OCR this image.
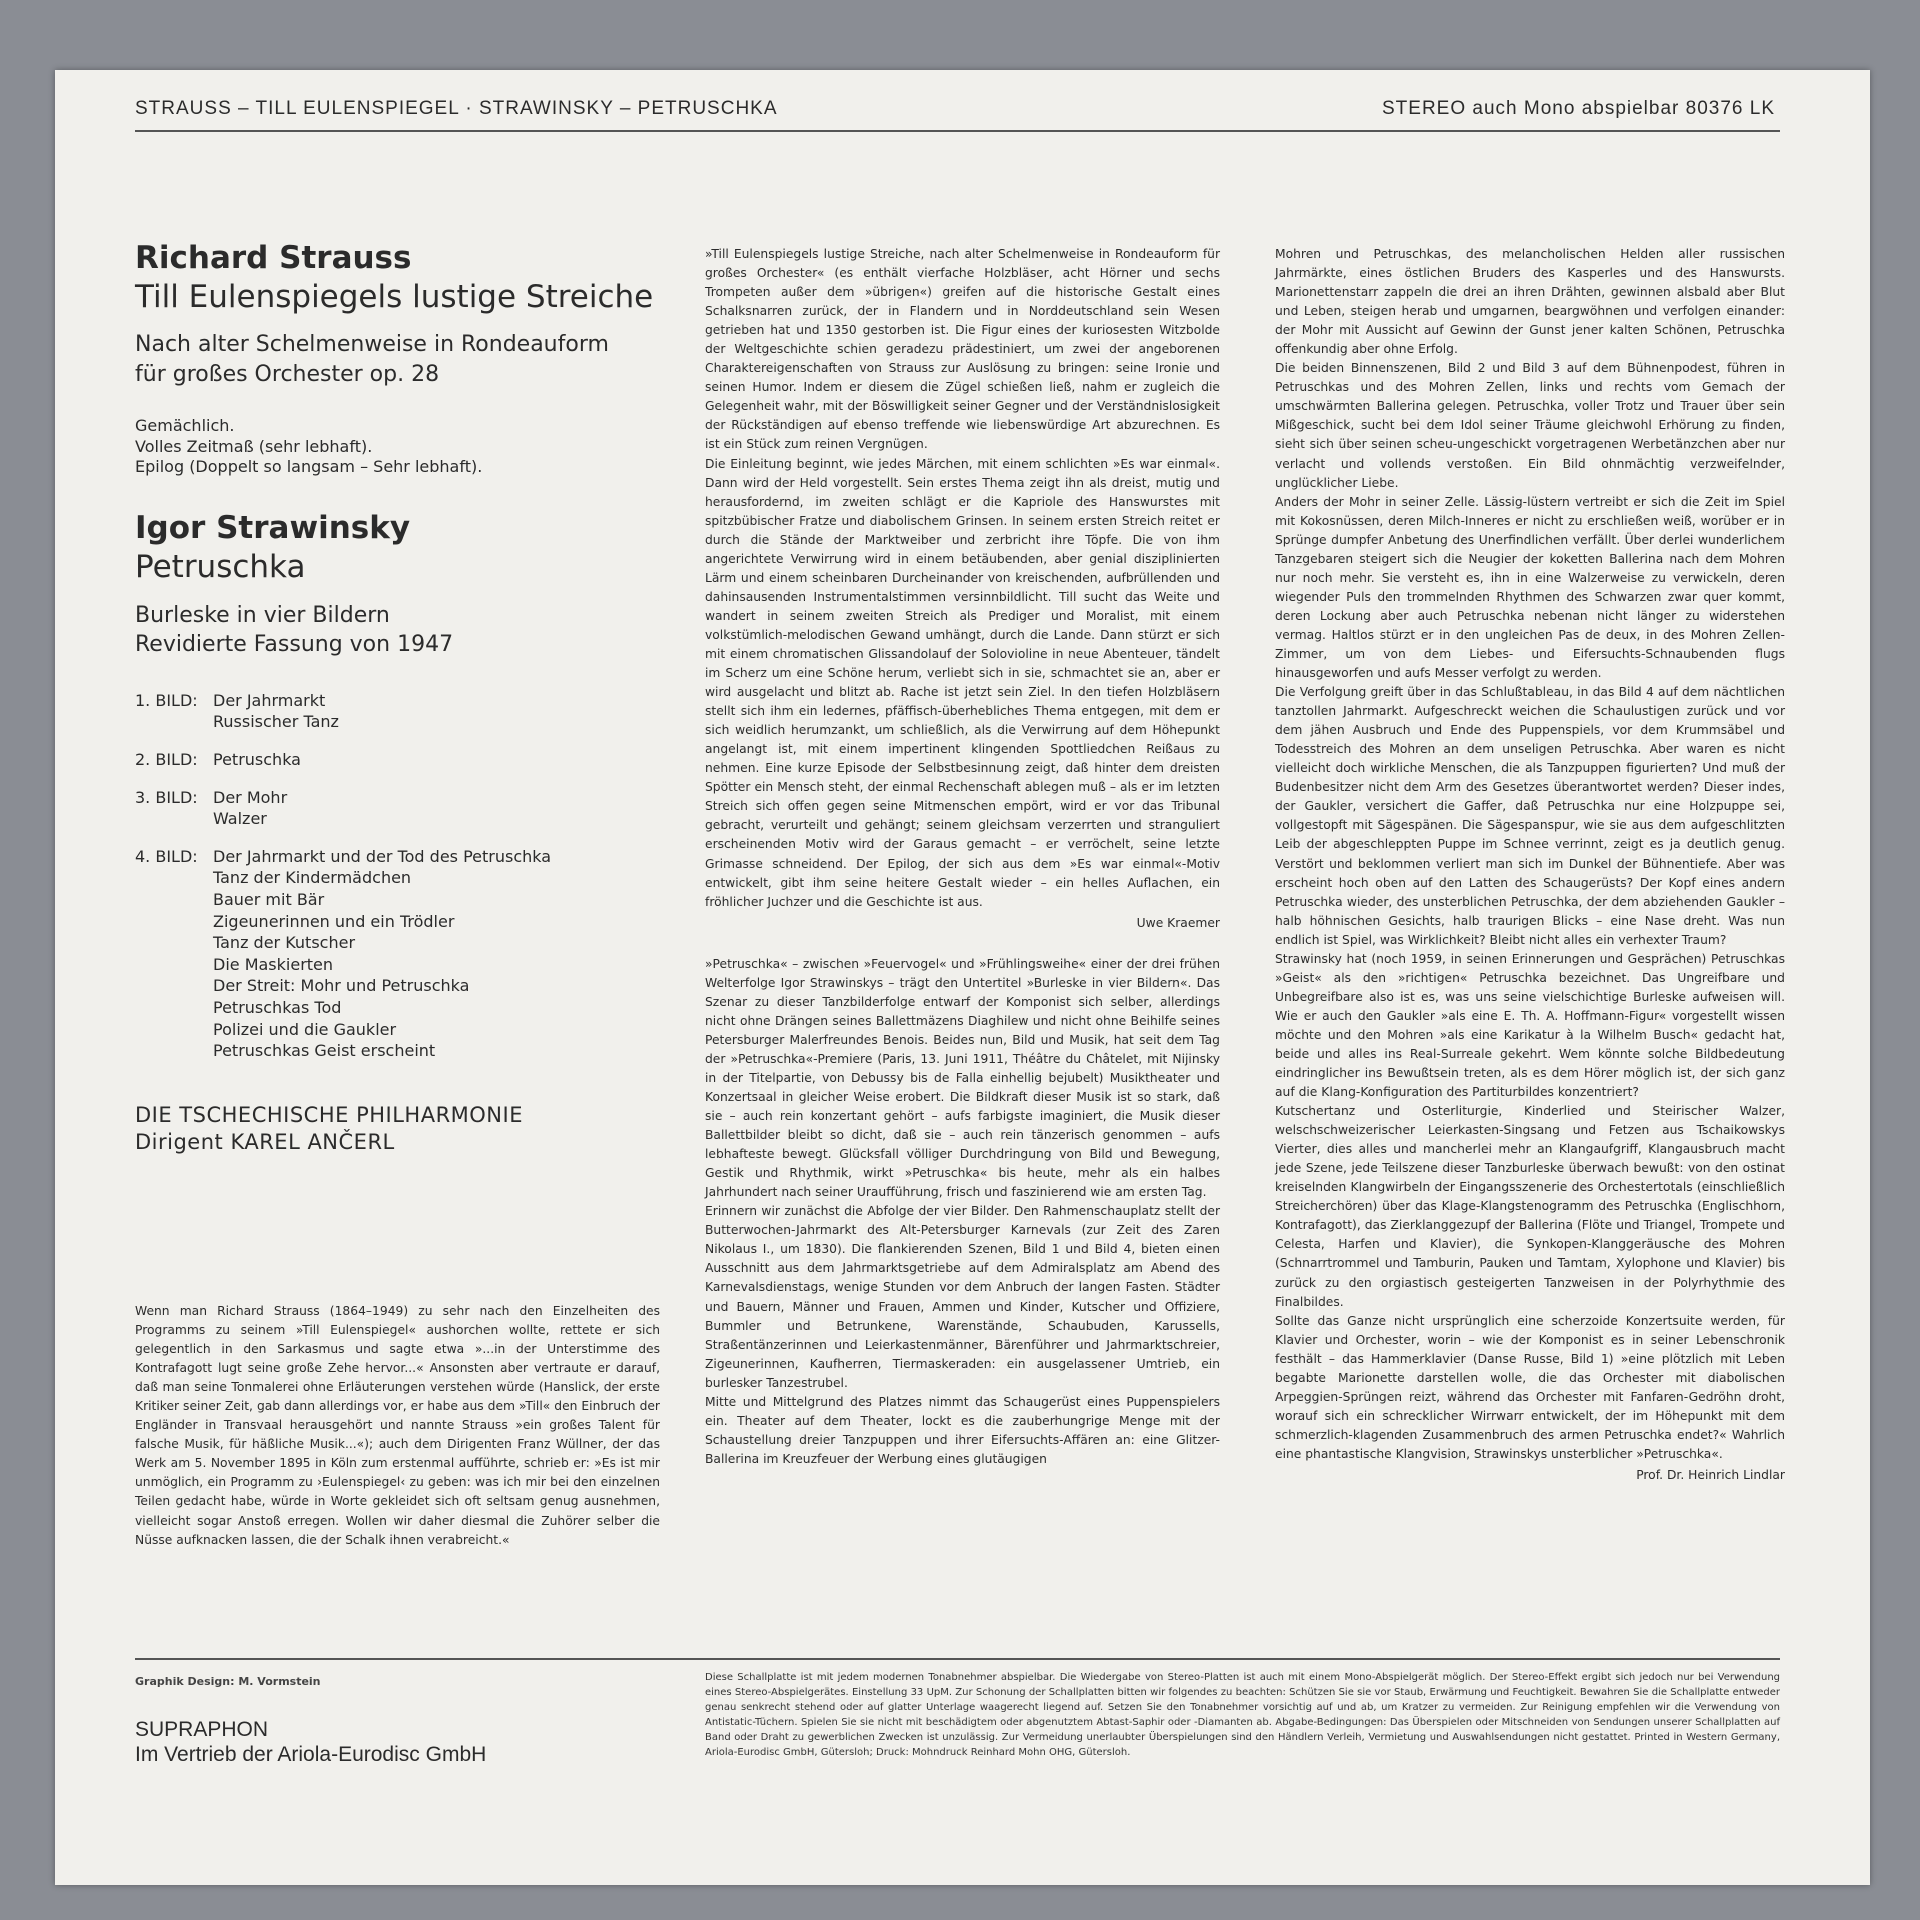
STRAUSS – TILL EULENSPIEGEL · STRAWINSKY – PETRUSCHKA	STEREO auch Mono abspielbar 80376 LK

Richard Strauss

Till Eulenspiegels lustige Streiche

Nach alter Schelmenweise in Rondeauform
für großes Orchester op. 28
Gemächlich.
Volles Zeitmaß (sehr lebhaft).
Epilog (Doppelt so langsam – Sehr lebhaft).

Igor Strawinsky

Petruschka

Burleske in vier Bildern
Revidierte Fassung von 1947
1. BILD: Der Jahrmarkt
Russischer Tanz
2. BILD: Petruschka
3. BILD: Der Mohr
Walzer
4. BILD: Der Jahrmarkt und der Tod des Petruschka
Tanz der Kindermädchen
Bauer mit Bär
Zigeunerinnen und ein Trödler
Tanz der Kutscher
Die Maskierten
Der Streit: Mohr und Petruschka
Petruschkas Tod
Polizei und die Gaukler
Petruschkas Geist erscheint
DIE TSCHECHISCHE PHILHARMONIE
Dirigent KAREL ANČERL
Wenn man Richard Strauss (1864–1949) zu sehr nach den Einzelheiten des Programms zu seinem »Till Eulenspiegel« aushorchen wollte, rettete er sich gelegentlich in den Sarkasmus und sagte etwa »...in der Unterstimme des Kontrafagott lugt seine große Zehe hervor...« Ansonsten aber vertraute er darauf, daß man seine Tonmalerei ohne Erläuterungen verstehen würde (Hanslick, der erste Kritiker seiner Zeit, gab dann allerdings vor, er habe aus dem »Till« den Einbruch der Engländer in Transvaal herausgehört und nannte Strauss »ein großes Talent für falsche Musik, für häßliche Musik...«); auch dem Dirigenten Franz Wüllner, der das Werk am 5. November 1895 in Köln zum erstenmal aufführte, schrieb er: »Es ist mir unmöglich, ein Programm zu ›Eulenspiegel‹ zu geben: was ich mir bei den einzelnen Teilen gedacht habe, würde in Worte gekleidet sich oft seltsam genug ausnehmen, vielleicht sogar Anstoß erregen. Wollen wir daher diesmal die Zuhörer selber die Nüsse aufknacken lassen, die der Schalk ihnen verabreicht.«

»Till Eulenspiegels lustige Streiche, nach alter Schelmenweise in Rondeauform für großes Orchester« (es enthält vierfache Holzbläser, acht Hörner und sechs Trompeten außer dem »übrigen«) greifen auf die historische Gestalt eines Schalksnarren zurück, der in Flandern und in Norddeutschland sein Wesen getrieben hat und 1350 gestorben ist. Die Figur eines der kuriosesten Witzbolde der Weltgeschichte schien geradezu prädestiniert, um zwei der angeborenen Charaktereigenschaften von Strauss zur Auslösung zu bringen: seine Ironie und seinen Humor. Indem er diesem die Zügel schießen ließ, nahm er zugleich die Gelegenheit wahr, mit der Böswilligkeit seiner Gegner und der Verständnislosigkeit der Rückständigen auf ebenso treffende wie liebenswürdige Art abzurechnen. Es ist ein Stück zum reinen Vergnügen.

Die Einleitung beginnt, wie jedes Märchen, mit einem schlichten »Es war einmal«. Dann wird der Held vorgestellt. Sein erstes Thema zeigt ihn als dreist, mutig und herausfordernd, im zweiten schlägt er die Kapriole des Hanswurstes mit spitzbübischer Fratze und diabolischem Grinsen. In seinem ersten Streich reitet er durch die Stände der Marktweiber und zerbricht ihre Töpfe. Die von ihm angerichtete Verwirrung wird in einem betäubenden, aber genial disziplinierten Lärm und einem scheinbaren Durcheinander von kreischenden, aufbrüllenden und dahinsausenden Instrumentalstimmen versinnbildlicht. Till sucht das Weite und wandert in seinem zweiten Streich als Prediger und Moralist, mit einem volkstümlich-melodischen Gewand umhängt, durch die Lande. Dann stürzt er sich mit einem chromatischen Glissandolauf der Solovioline in neue Abenteuer, tändelt im Scherz um eine Schöne herum, verliebt sich in sie, schmachtet sie an, aber er wird ausgelacht und blitzt ab. Rache ist jetzt sein Ziel. In den tiefen Holzbläsern stellt sich ihm ein ledernes, pfäffisch-überhebliches Thema entgegen, mit dem er sich weidlich herumzankt, um schließlich, als die Verwirrung auf dem Höhepunkt angelangt ist, mit einem impertinent klingenden Spottliedchen Reißaus zu nehmen. Eine kurze Episode der Selbstbesinnung zeigt, daß hinter dem dreisten Spötter ein Mensch steht, der einmal Rechenschaft ablegen muß – als er im letzten Streich sich offen gegen seine Mitmenschen empört, wird er vor das Tribunal gebracht, verurteilt und gehängt; seinem gleichsam verzerrten und stranguliert erscheinenden Motiv wird der Garaus gemacht – er verröchelt, seine letzte Grimasse schneidend. Der Epilog, der sich aus dem »Es war einmal«-Motiv entwickelt, gibt ihm seine heitere Gestalt wieder – ein helles Auflachen, ein fröhlicher Juchzer und die Geschichte ist aus.

Uwe Kraemer

»Petruschka« – zwischen »Feuervogel« und »Frühlingsweihe« einer der drei frühen Welterfolge Igor Strawinskys – trägt den Untertitel »Burleske in vier Bildern«. Das Szenar zu dieser Tanzbilderfolge entwarf der Komponist sich selber, allerdings nicht ohne Drängen seines Ballettmäzens Diaghilew und nicht ohne Beihilfe seines Petersburger Malerfreundes Benois. Beides nun, Bild und Musik, hat seit dem Tag der »Petruschka«-Premiere (Paris, 13. Juni 1911, Théâtre du Châtelet, mit Nijinsky in der Titelpartie, von Debussy bis de Falla einhellig bejubelt) Musiktheater und Konzertsaal in gleicher Weise erobert. Die Bildkraft dieser Musik ist so stark, daß sie – auch rein konzertant gehört – aufs farbigste imaginiert, die Musik dieser Ballettbilder bleibt so dicht, daß sie – auch rein tänzerisch genommen – aufs lebhafteste bewegt. Glücksfall völliger Durchdringung von Bild und Bewegung, Gestik und Rhythmik, wirkt »Petruschka« bis heute, mehr als ein halbes Jahrhundert nach seiner Uraufführung, frisch und faszinierend wie am ersten Tag.

Erinnern wir zunächst die Abfolge der vier Bilder. Den Rahmenschauplatz stellt der Butterwochen-Jahrmarkt des Alt-Petersburger Karnevals (zur Zeit des Zaren Nikolaus I., um 1830). Die flankierenden Szenen, Bild 1 und Bild 4, bieten einen Ausschnitt aus dem Jahrmarktsgetriebe auf dem Admiralsplatz am Abend des Karnevalsdienstags, wenige Stunden vor dem Anbruch der langen Fasten. Städter und Bauern, Männer und Frauen, Ammen und Kinder, Kutscher und Offiziere, Bummler und Betrunkene, Warenstände, Schaubuden, Karussells, Straßentänzerinnen und Leierkastenmänner, Bärenführer und Jahrmarktschreier, Zigeunerinnen, Kaufherren, Tiermaskeraden: ein ausgelassener Umtrieb, ein burlesker Tanzestrubel.

Mitte und Mittelgrund des Platzes nimmt das Schaugerüst eines Puppenspielers ein. Theater auf dem Theater, lockt es die zauberhungrige Menge mit der Schaustellung dreier Tanzpuppen und ihrer Eifersuchts-Affären an: eine Glitzer-Ballerina im Kreuzfeuer der Werbung eines glutäugigen

Mohren und Petruschkas, des melancholischen Helden aller russischen Jahrmärkte, eines östlichen Bruders des Kasperles und des Hanswursts. Marionettenstarr zappeln die drei an ihren Drähten, gewinnen alsbald aber Blut und Leben, steigen herab und umgarnen, beargwöhnen und verfolgen einander: der Mohr mit Aussicht auf Gewinn der Gunst jener kalten Schönen, Petruschka offenkundig aber ohne Erfolg.

Die beiden Binnenszenen, Bild 2 und Bild 3 auf dem Bühnenpodest, führen in Petruschkas und des Mohren Zellen, links und rechts vom Gemach der umschwärmten Ballerina gelegen. Petruschka, voller Trotz und Trauer über sein Mißgeschick, sucht bei dem Idol seiner Träume gleichwohl Erhörung zu finden, sieht sich über seinen scheu-ungeschickt vorgetragenen Werbetänzchen aber nur verlacht und vollends verstoßen. Ein Bild ohnmächtig verzweifelnder, unglücklicher Liebe.

Anders der Mohr in seiner Zelle. Lässig-lüstern vertreibt er sich die Zeit im Spiel mit Kokosnüssen, deren Milch-Inneres er nicht zu erschließen weiß, worüber er in Sprünge dumpfer Anbetung des Unerfindlichen verfällt. Über derlei wunderlichem Tanzgebaren steigert sich die Neugier der koketten Ballerina nach dem Mohren nur noch mehr. Sie versteht es, ihn in eine Walzerweise zu verwickeln, deren wiegender Puls den trommelnden Rhythmen des Schwarzen zwar quer kommt, deren Lockung aber auch Petruschka nebenan nicht länger zu widerstehen vermag. Haltlos stürzt er in den ungleichen Pas de deux, in des Mohren Zellen-Zimmer, um von dem Liebes- und Eifersuchts-Schnaubenden flugs hinausgeworfen und aufs Messer verfolgt zu werden.

Die Verfolgung greift über in das Schlußtableau, in das Bild 4 auf dem nächtlichen tanztollen Jahrmarkt. Aufgeschreckt weichen die Schaulustigen zurück und vor dem jähen Ausbruch und Ende des Puppenspiels, vor dem Krummsäbel und Todesstreich des Mohren an dem unseligen Petruschka. Aber waren es nicht vielleicht doch wirkliche Menschen, die als Tanzpuppen figurierten? Und muß der Budenbesitzer nicht dem Arm des Gesetzes überantwortet werden? Dieser indes, der Gaukler, versichert die Gaffer, daß Petruschka nur eine Holzpuppe sei, vollgestopft mit Sägespänen. Die Sägespanspur, wie sie aus dem aufgeschlitzten Leib der abgeschleppten Puppe im Schnee verrinnt, zeigt es ja deutlich genug. Verstört und beklommen verliert man sich im Dunkel der Bühnentiefe. Aber was erscheint hoch oben auf den Latten des Schaugerüsts? Der Kopf eines andern Petruschka wieder, des unsterblichen Petruschka, der dem abziehenden Gaukler – halb höhnischen Gesichts, halb traurigen Blicks – eine Nase dreht. Was nun endlich ist Spiel, was Wirklichkeit? Bleibt nicht alles ein verhexter Traum?

Strawinsky hat (noch 1959, in seinen Erinnerungen und Gesprächen) Petruschkas »Geist« als den »richtigen« Petruschka bezeichnet. Das Ungreifbare und Unbegreifbare also ist es, was uns seine vielschichtige Burleske aufweisen will. Wie er auch den Gaukler »als eine E. Th. A. Hoffmann-Figur« vorgestellt wissen möchte und den Mohren »als eine Karikatur à la Wilhelm Busch« gedacht hat, beide und alles ins Real-Surreale gekehrt. Wem könnte solche Bildbedeutung eindringlicher ins Bewußtsein treten, als es dem Hörer möglich ist, der sich ganz auf die Klang-Konfiguration des Partiturbildes konzentriert?

Kutschertanz und Osterliturgie, Kinderlied und Steirischer Walzer, welschschweizerischer Leierkasten-Singsang und Fetzen aus Tschaikowskys Vierter, dies alles und mancherlei mehr an Klangaufgriff, Klangausbruch macht jede Szene, jede Teilszene dieser Tanzburleske überwach bewußt: von den ostinat kreiselnden Klangwirbeln der Eingangsszenerie des Orchestertotals (einschließlich Streicherchören) über das Klage-Klangstenogramm des Petruschka (Englischhorn, Kontrafagott), das Zierklanggezupf der Ballerina (Flöte und Triangel, Trompete und Celesta, Harfen und Klavier), die Synkopen-Klanggeräusche des Mohren (Schnarrtrommel und Tamburin, Pauken und Tamtam, Xylophone und Klavier) bis zurück zu den orgiastisch gesteigerten Tanzweisen in der Polyrhythmie des Finalbildes.

Sollte das Ganze nicht ursprünglich eine scherzoide Konzertsuite werden, für Klavier und Orchester, worin – wie der Komponist es in seiner Lebenschronik festhält – das Hammerklavier (Danse Russe, Bild 1) »eine plötzlich mit Leben begabte Marionette darstellen wolle, die das Orchester mit diabolischen Arpeggien-Sprüngen reizt, während das Orchester mit Fanfaren-Gedröhn droht, worauf sich ein schrecklicher Wirrwarr entwickelt, der im Höhepunkt mit dem schmerzlich-klagenden Zusammenbruch des armen Petruschka endet?« Wahrlich eine phantastische Klangvision, Strawinskys unsterblicher »Petruschka«.

Prof. Dr. Heinrich Lindlar

Graphik Design: M. Vormstein
SUPRAPHON
Im Vertrieb der Ariola-Eurodisc GmbH
Diese Schallplatte ist mit jedem modernen Tonabnehmer abspielbar. Die Wiedergabe von Stereo-Platten ist auch mit einem Mono-Abspielgerät möglich. Der Stereo-Effekt ergibt sich jedoch nur bei Verwendung eines Stereo-Abspielgerätes. Einstellung 33 UpM. Zur Schonung der Schallplatten bitten wir folgendes zu beachten: Schützen Sie sie vor Staub, Erwärmung und Feuchtigkeit. Bewahren Sie die Schallplatte entweder genau senkrecht stehend oder auf glatter Unterlage waagerecht liegend auf. Setzen Sie den Tonabnehmer vorsichtig auf und ab, um Kratzer zu vermeiden. Zur Reinigung empfehlen wir die Verwendung von Antistatic-Tüchern. Spielen Sie sie nicht mit beschädigtem oder abgenutztem Abtast-Saphir oder -Diamanten ab. Abgabe-Bedingungen: Das Überspielen oder Mitschneiden von Sendungen unserer Schallplatten auf Band oder Draht zu gewerblichen Zwecken ist unzulässig. Zur Vermeidung unerlaubter Überspielungen sind den Händlern Verleih, Vermietung und Auswahlsendungen nicht gestattet. Printed in Western Germany, Ariola-Eurodisc GmbH, Gütersloh; Druck: Mohndruck Reinhard Mohn OHG, Gütersloh.
